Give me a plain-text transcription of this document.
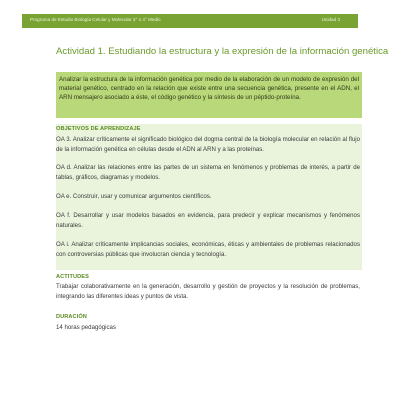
Programa de Estudio Biología Celular y Molecular 3° o 4° Medio	Unidad 3
Actividad 1. Estudiando la estructura y la expresión de la información genética
Analizar la estructura de la información genética por medio de la elaboración de un modelo de expresión del material genético, centrado en la relación que existe entre una secuencia genética, presente en el ADN, el ARN mensajero asociado a éste, el código genético y la síntesis de un péptido-proteína.
OBJETIVOS DE APRENDIZAJE

OA 3. Analizar críticamente el significado biológico del dogma central de la biología molecular en relación al flujo de la información genética en células desde el ADN al ARN y a las proteínas.

OA d. Analizar las relaciones entre las partes de un sistema en fenómenos y problemas de interés, a partir de tablas, gráficos, diagramas y modelos.

OA e. Construir, usar y comunicar argumentos científicos.

OA f. Desarrollar y usar modelos basados en evidencia, para predecir y explicar mecanismos y fenómenos naturales.

OA i. Analizar críticamente implicancias sociales, económicas, éticas y ambientales de problemas relacionados con controversias públicas que involucran ciencia y tecnología.

ACTITUDES

Trabajar colaborativamente en la generación, desarrollo y gestión de proyectos y la resolución de problemas, integrando las diferentes ideas y puntos de vista.

DURACIÓN

14 horas pedagógicas
